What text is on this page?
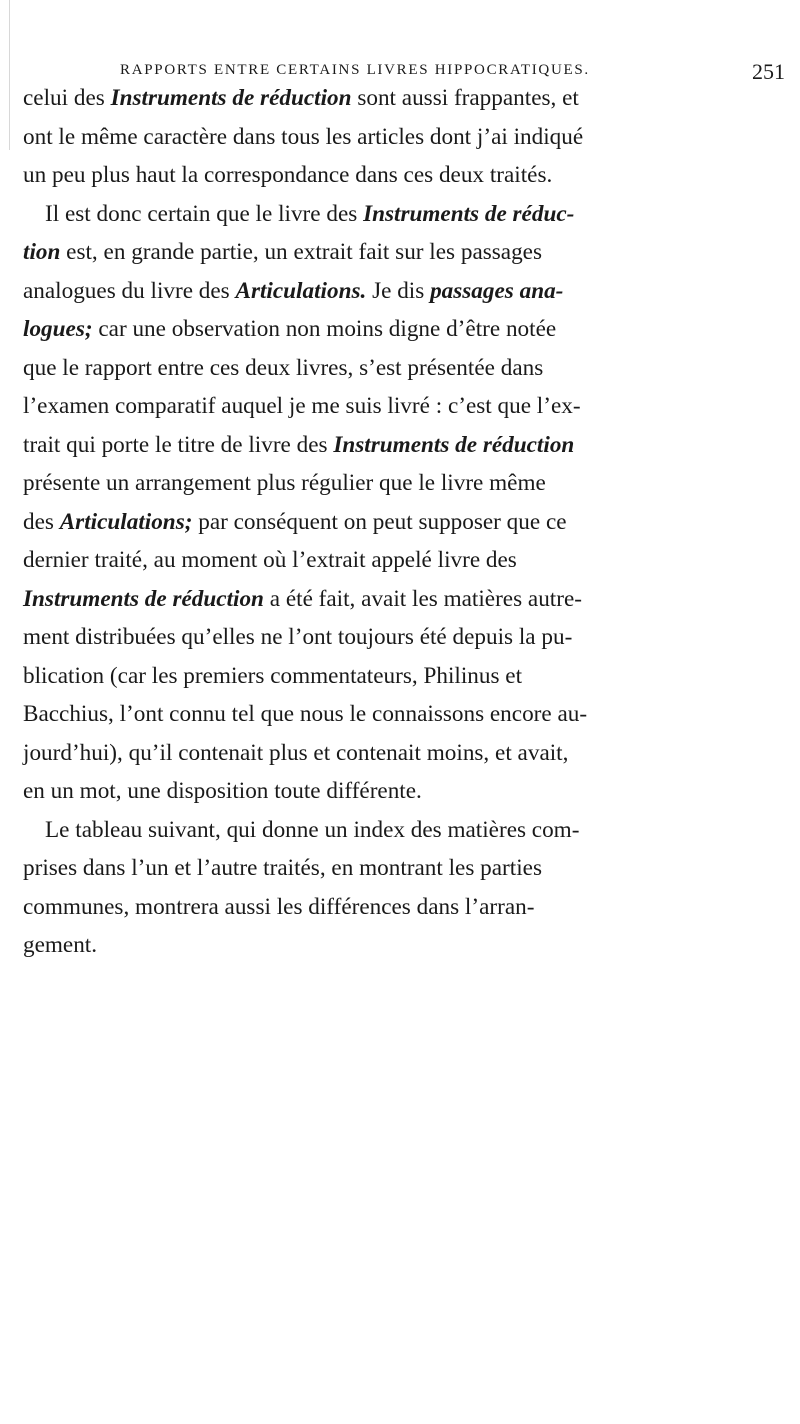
RAPPORTS ENTRE CERTAINS LIVRES HIPPOCRATIQUES.	251
celui des Instruments de réduction sont aussi frappantes, et
ont le même caractère dans tous les articles dont j’ai indiqué
un peu plus haut la correspondance dans ces deux traités.
Il est donc certain que le livre des Instruments de réduc-
tion est, en grande partie, un extrait fait sur les passages
analogues du livre des Articulations. Je dis passages ana-
logues; car une observation non moins digne d’être notée
que le rapport entre ces deux livres, s’est présentée dans
l’examen comparatif auquel je me suis livré : c’est que l’ex-
trait qui porte le titre de livre des Instruments de réduction
présente un arrangement plus régulier que le livre même
des Articulations; par conséquent on peut supposer que ce
dernier traité, au moment où l’extrait appelé livre des
Instruments de réduction a été fait, avait les matières autre-
ment distribuées qu’elles ne l’ont toujours été depuis la pu-
blication (car les premiers commentateurs, Philinus et
Bacchius, l’ont connu tel que nous le connaissons encore au-
jourd’hui), qu’il contenait plus et contenait moins, et avait,
en un mot, une disposition toute différente.
Le tableau suivant, qui donne un index des matières com-
prises dans l’un et l’autre traités, en montrant les parties
communes, montrera aussi les différences dans l’arran-
gement.
